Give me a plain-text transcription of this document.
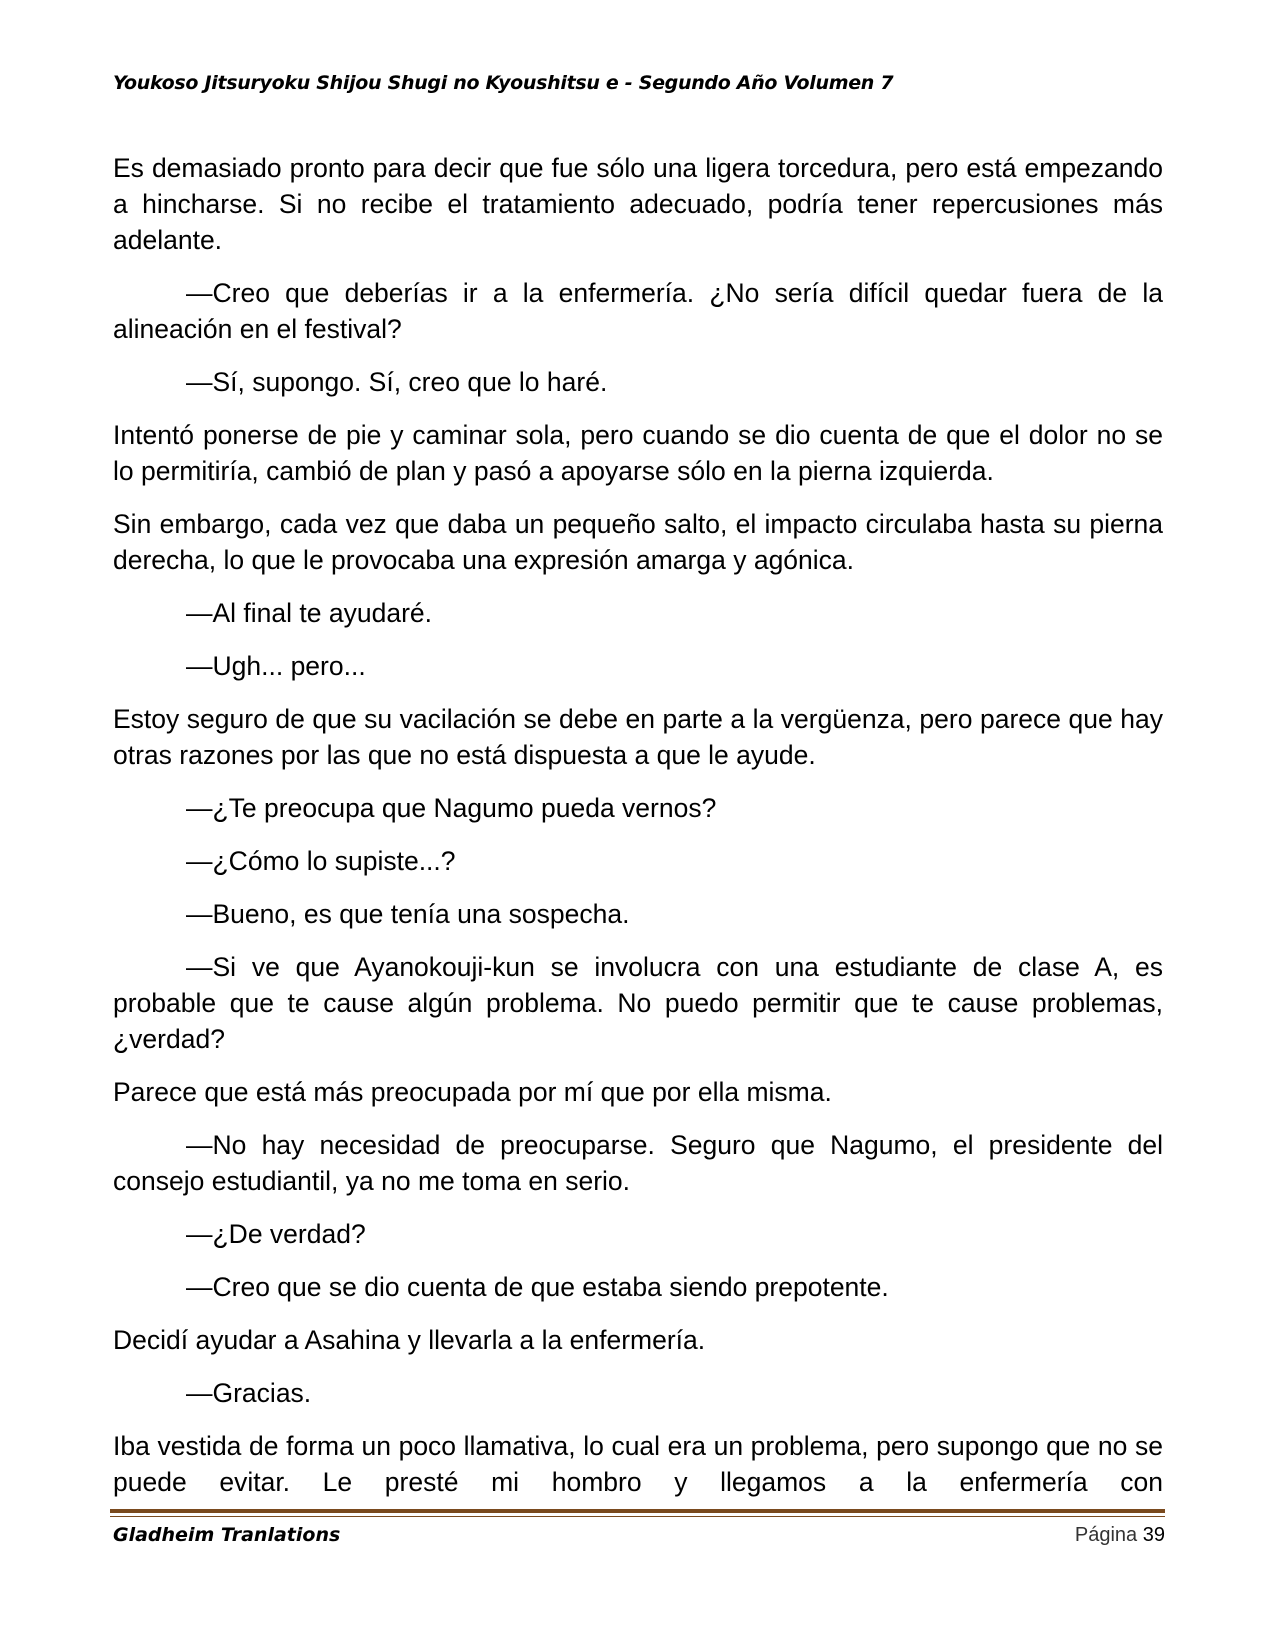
Youkoso Jitsuryoku Shijou Shugi no Kyoushitsu e - Segundo Año Volumen 7

Es demasiado pronto para decir que fue sólo una ligera torcedura, pero está empezando a hincharse. Si no recibe el tratamiento adecuado, podría tener repercusiones más adelante.

—Creo que deberías ir a la enfermería. ¿No sería difícil quedar fuera de la alineación en el festival?

—Sí, supongo. Sí, creo que lo haré.

Intentó ponerse de pie y caminar sola, pero cuando se dio cuenta de que el dolor no se lo permitiría, cambió de plan y pasó a apoyarse sólo en la pierna izquierda.

Sin embargo, cada vez que daba un pequeño salto, el impacto circulaba hasta su pierna derecha, lo que le provocaba una expresión amarga y agónica.

—Al final te ayudaré.

—Ugh... pero...

Estoy seguro de que su vacilación se debe en parte a la vergüenza, pero parece que hay otras razones por las que no está dispuesta a que le ayude.

—¿Te preocupa que Nagumo pueda vernos?

—¿Cómo lo supiste...?

—Bueno, es que tenía una sospecha.

—Si ve que Ayanokouji-kun se involucra con una estudiante de clase A, es probable que te cause algún problema. No puedo permitir que te cause problemas, ¿verdad?

Parece que está más preocupada por mí que por ella misma.

—No hay necesidad de preocuparse. Seguro que Nagumo, el presidente del consejo estudiantil, ya no me toma en serio.

—¿De verdad?

—Creo que se dio cuenta de que estaba siendo prepotente.

Decidí ayudar a Asahina y llevarla a la enfermería.

—Gracias.

Iba vestida de forma un poco llamativa, lo cual era un problema, pero supongo que no se puede evitar. Le presté mi hombro y llegamos a la enfermería con

Gladheim Tranlations	Página 39
